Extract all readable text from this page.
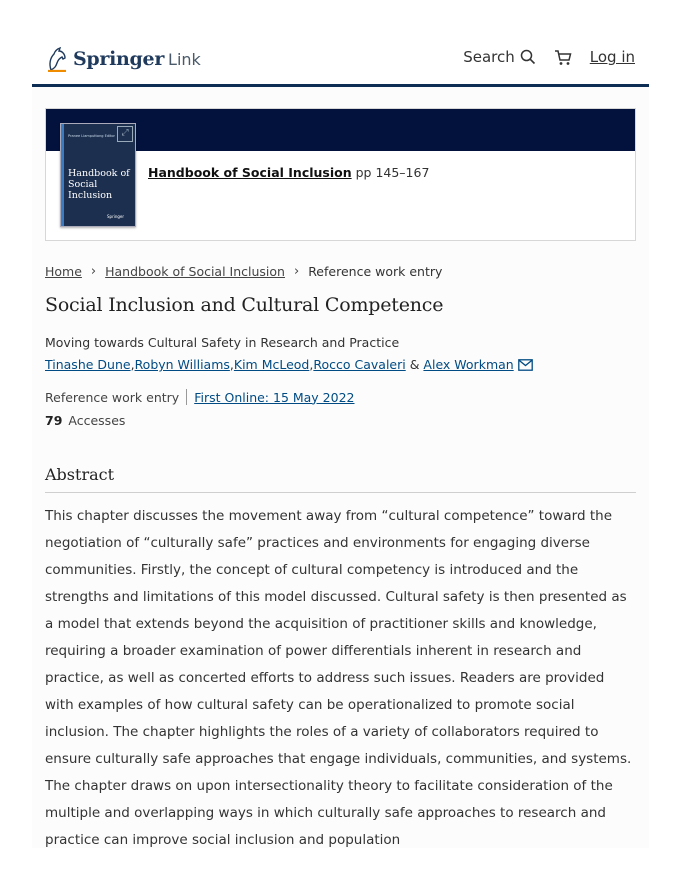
Springer Link	Search	Log in
Pranee Liamputtong Editor
Handbook of Social Inclusion
Springer
⤢
Handbook of Social Inclusion pp 145–167
Home › Handbook of Social Inclusion › Reference work entry
Social Inclusion and Cultural Competence
Moving towards Cultural Safety in Research and Practice
Tinashe Dune , Robyn Williams , Kim McLeod , Rocco Cavaleri & Alex Workman
Reference work entry First Online: 15 May 2022
79 Accesses
Abstract

This chapter discusses the movement away from “cultural competence” toward the negotiation of “culturally safe” practices and environments for engaging diverse communities. Firstly, the concept of cultural competency is introduced and the strengths and limitations of this model discussed. Cultural safety is then presented as a model that extends beyond the acquisition of practitioner skills and knowledge, requiring a broader examination of power differentials inherent in research and practice, as well as concerted efforts to address such issues. Readers are provided with examples of how cultural safety can be operationalized to promote social inclusion. The chapter highlights the roles of a variety of collaborators required to ensure culturally safe approaches that engage individuals, communities, and systems. The chapter draws on upon intersectionality theory to facilitate consideration of the multiple and overlapping ways in which culturally safe approaches to research and practice can improve social inclusion and population
